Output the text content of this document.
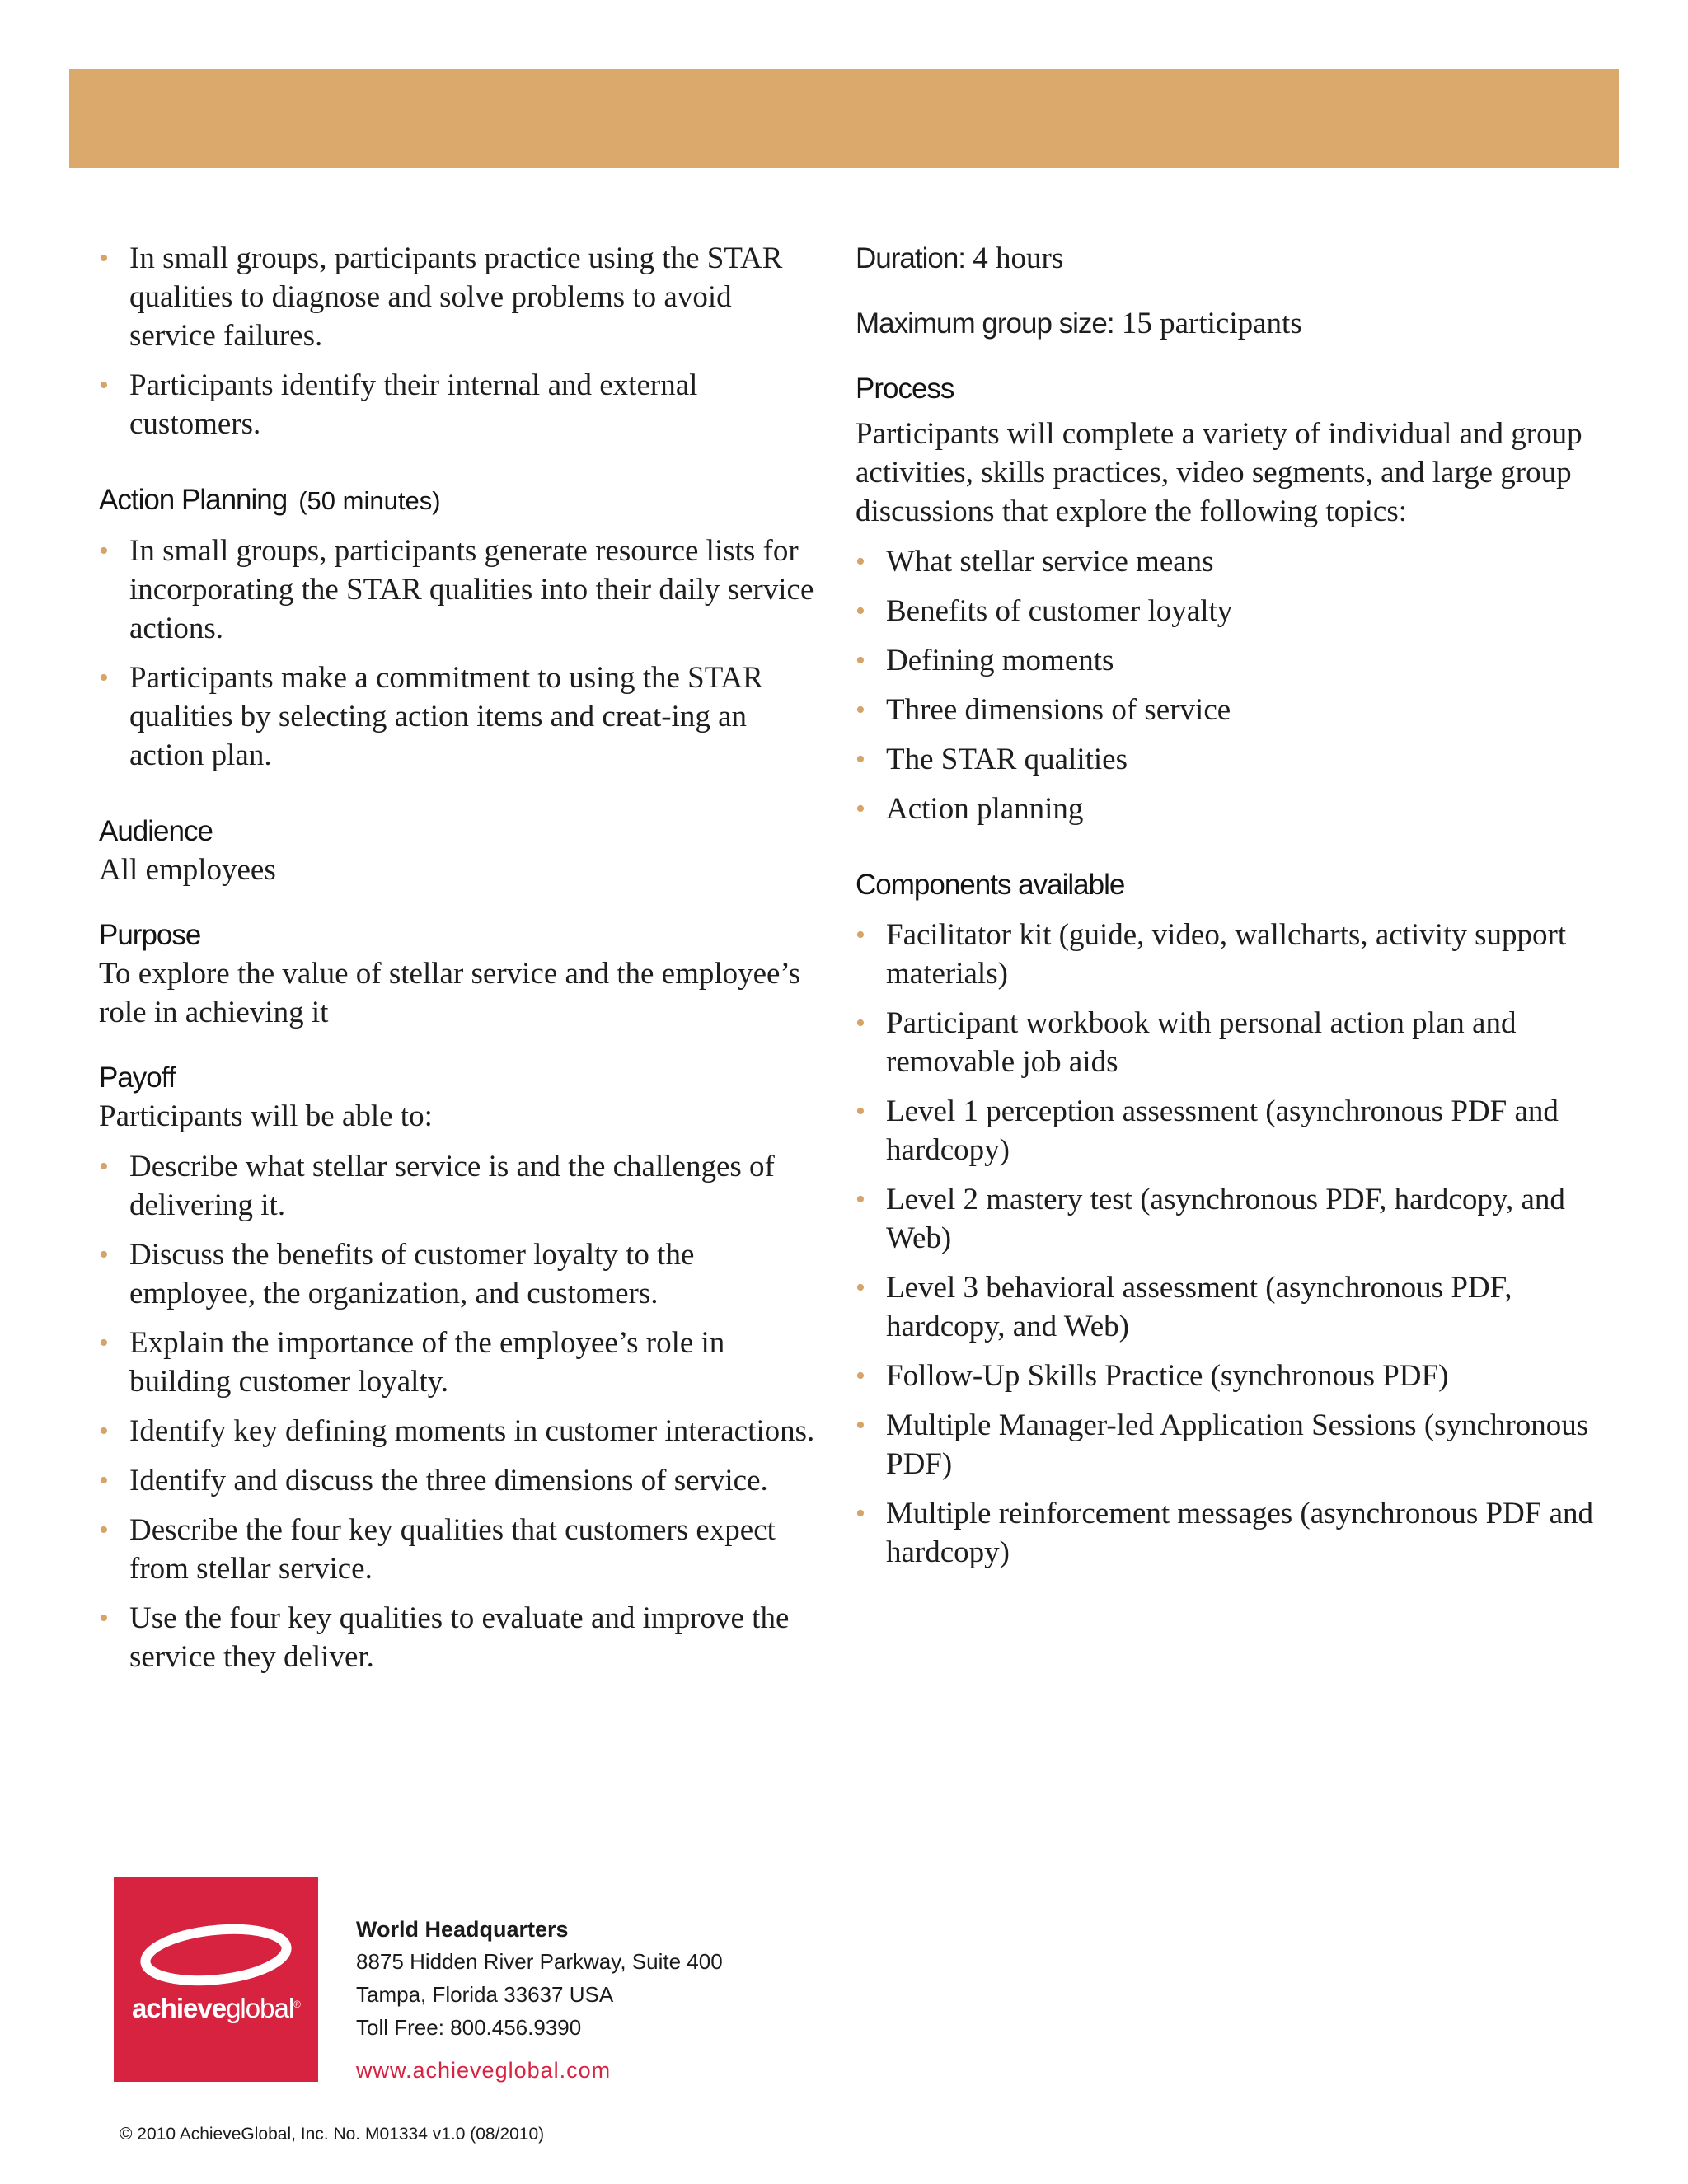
• In small groups, participants practice using the STAR qualities to diagnose and solve problems to avoid service failures.
• Participants identify their internal and external customers.
Action Planning (50 minutes)
• In small groups, participants generate resource lists for incorporating the STAR qualities into their daily service actions.
• Participants make a commitment to using the STAR qualities by selecting action items and creat-ing an action plan.
Audience

All employees

Purpose

To explore the value of stellar service and the employee’s role in achieving it

Payoff

Participants will be able to:

• Describe what stellar service is and the challenges of delivering it.
• Discuss the benefits of customer loyalty to the employee, the organization, and customers.
• Explain the importance of the employee’s role in building customer loyalty.
• Identify key defining moments in customer interactions.
• Identify and discuss the three dimensions of service.
• Describe the four key qualities that customers expect from stellar service.
• Use the four key qualities to evaluate and improve the service they deliver.

Duration: 4 hours

Maximum group size: 15 participants

Process

Participants will complete a variety of individual and group activities, skills practices, video segments, and large group discussions that explore the following topics:

• What stellar service means
• Benefits of customer loyalty
• Defining moments
• Three dimensions of service
• The STAR qualities
• Action planning
Components available
• Facilitator kit (guide, video, wallcharts, activity support materials)
• Participant workbook with personal action plan and removable job aids
• Level 1 perception assessment (asynchronous PDF and hardcopy)
• Level 2 mastery test (asynchronous PDF, hardcopy, and Web)
• Level 3 behavioral assessment (asynchronous PDF, hardcopy, and Web)
• Follow-Up Skills Practice (synchronous PDF)
• Multiple Manager-led Application Sessions (synchronous PDF)
• Multiple reinforcement messages (asynchronous PDF and hardcopy)
achieveglobal®
World Headquarters
8875 Hidden River Parkway, Suite 400
Tampa, Florida 33637 USA
Toll Free: 800.456.9390
www.achieveglobal.com
© 2010 AchieveGlobal, Inc. No. M01334 v1.0 (08/2010)
